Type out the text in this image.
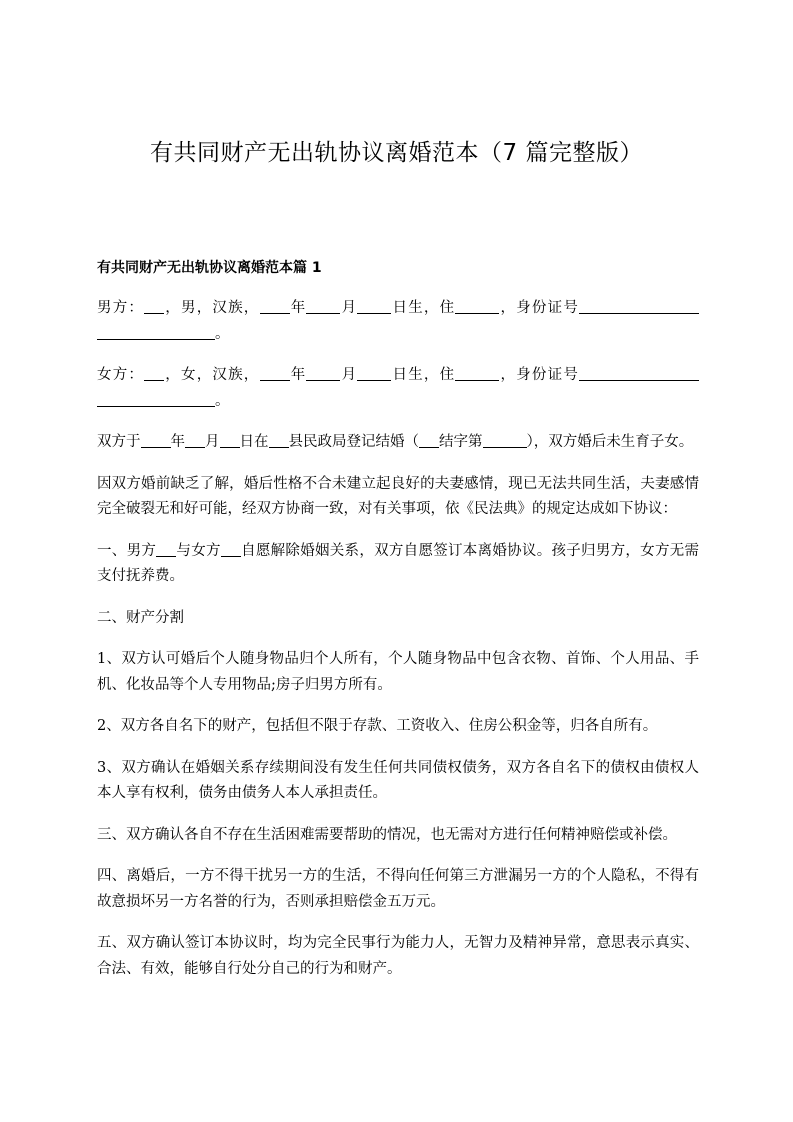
有共同财产无出轨协议离婚范本（7 篇完整版）
有共同财产无出轨协议离婚范本篇 1

男方： ，男，汉族， 年 月 日生，住	，身份证号。

女方： ，女，汉族， 年 月 日生，住	，身份证号。

双方于 年 月 日在 县民政局登记结婚（ 结字第	），双方婚后未生育子女。

因双方婚前缺乏了解，婚后性格不合未建立起良好的夫妻感情，现已无法共同生活，夫妻感情完全破裂无和好可能，经双方协商一致，对有关事项，依《民法典》的规定达成如下协议：

一、男方 与女方 自愿解除婚姻关系，双方自愿签订本离婚协议。孩子归男方，女方无需支付抚养费。

二、财产分割

1、双方认可婚后个人随身物品归个人所有，个人随身物品中包含衣物、首饰、个人用品、手机、化妆品等个人专用物品;房子归男方所有。

2、双方各自名下的财产，包括但不限于存款、工资收入、住房公积金等，归各自所有。

3、双方确认在婚姻关系存续期间没有发生任何共同债权债务，双方各自名下的债权由债权人本人享有权利，债务由债务人本人承担责任。

三、双方确认各自不存在生活困难需要帮助的情况，也无需对方进行任何精神赔偿或补偿。

四、离婚后，一方不得干扰另一方的生活，不得向任何第三方泄漏另一方的个人隐私，不得有故意损坏另一方名誉的行为，否则承担赔偿金五万元。

五、双方确认签订本协议时，均为完全民事行为能力人，无智力及精神异常，意思表示真实、合法、有效，能够自行处分自己的行为和财产。
